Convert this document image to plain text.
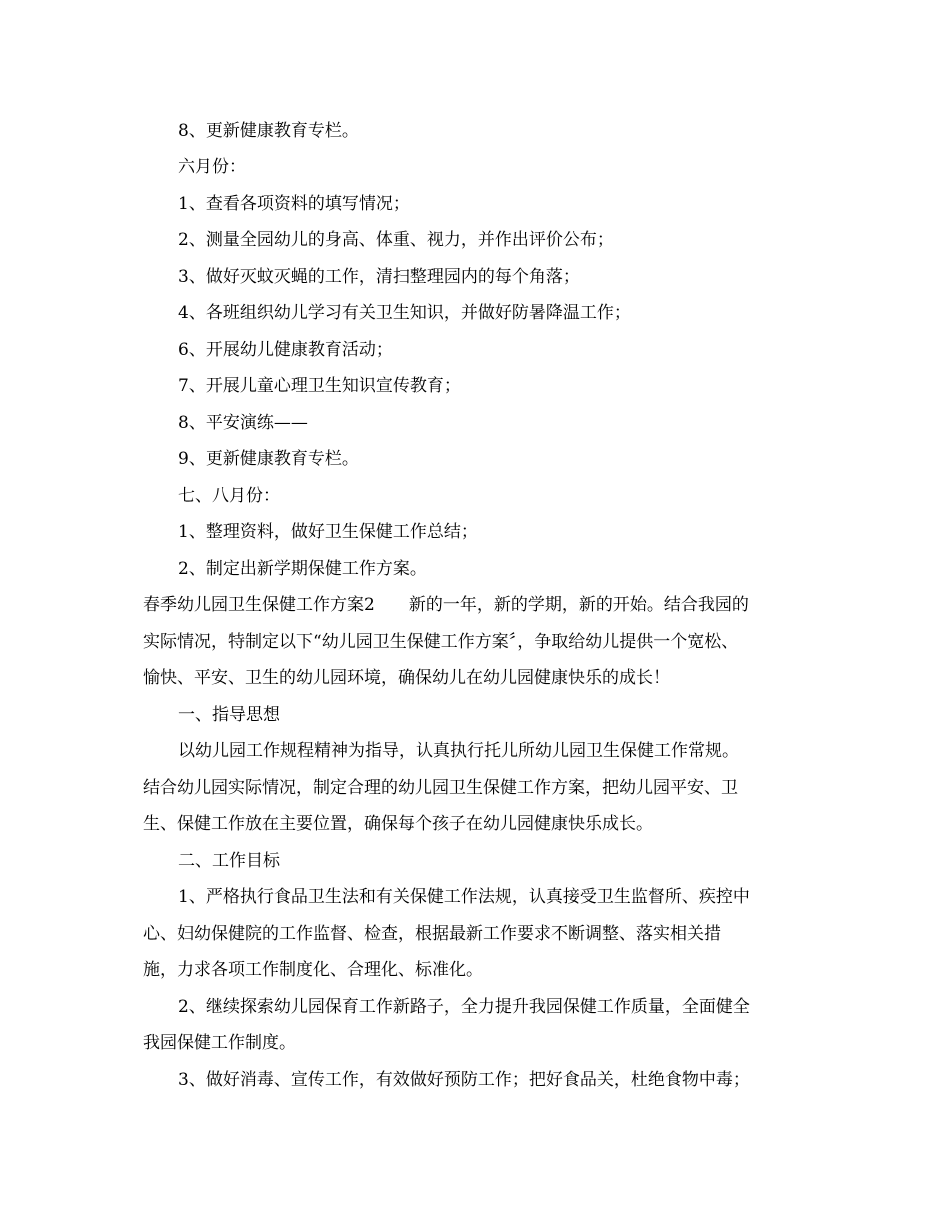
8、更新健康教育专栏。
六月份：
1、查看各项资料的填写情况；
2、测量全园幼儿的身高、体重、视力，并作出评价公布；
3、做好灭蚊灭蝇的工作，清扫整理园内的每个角落；
4、各班组织幼儿学习有关卫生知识，并做好防暑降温工作；
6、开展幼儿健康教育活动；
7、开展儿童心理卫生知识宣传教育；
8、平安演练——
9、更新健康教育专栏。
七、八月份：
1、整理资料，做好卫生保健工作总结；
2、制定出新学期保健工作方案。
春季幼儿园卫生保健工作方案2　　新的一年，新的学期，新的开始。结合我园的
实际情况，特制定以下“幼儿园卫生保健工作方案〞，争取给幼儿提供一个宽松、
愉快、平安、卫生的幼儿园环境，确保幼儿在幼儿园健康快乐的成长！
一、指导思想
以幼儿园工作规程精神为指导，认真执行托儿所幼儿园卫生保健工作常规。
结合幼儿园实际情况，制定合理的幼儿园卫生保健工作方案，把幼儿园平安、卫
生、保健工作放在主要位置，确保每个孩子在幼儿园健康快乐成长。
二、工作目标
1、严格执行食品卫生法和有关保健工作法规，认真接受卫生监督所、疾控中
心、妇幼保健院的工作监督、检查，根据最新工作要求不断调整、落实相关措
施，力求各项工作制度化、合理化、标准化。
2、继续探索幼儿园保育工作新路子，全力提升我园保健工作质量，全面健全
我园保健工作制度。
3、做好消毒、宣传工作，有效做好预防工作；把好食品关，杜绝食物中毒；
